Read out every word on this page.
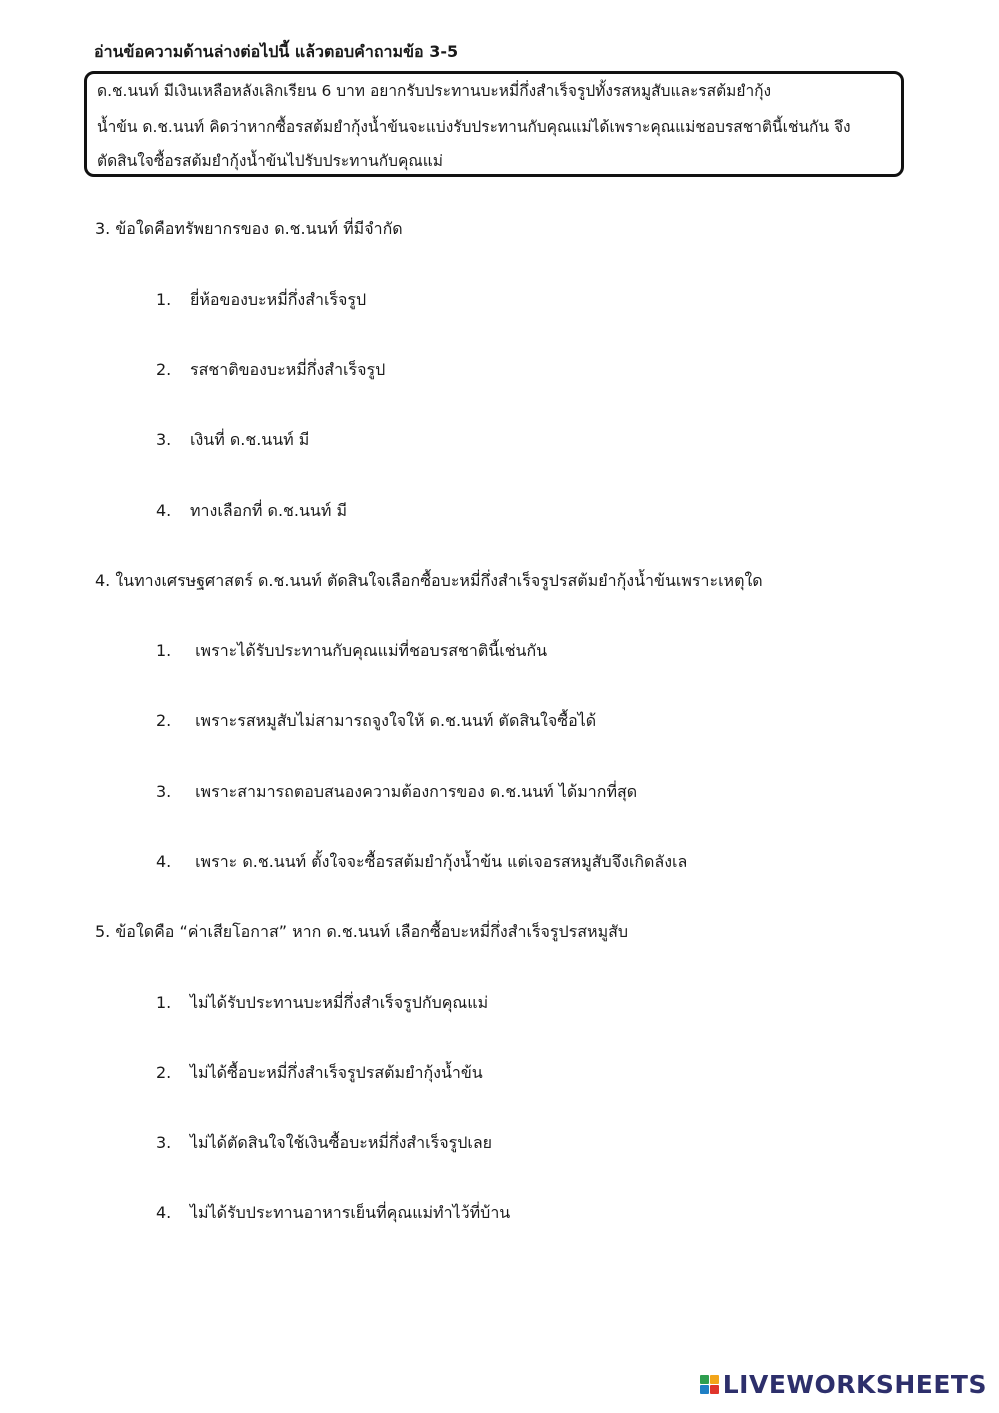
อ่านข้อความด้านล่างต่อไปนี้ แล้วตอบคำถามข้อ 3-5
ด.ช.นนท์ มีเงินเหลือหลังเลิกเรียน 6 บาท อยากรับประทานบะหมี่กึ่งสำเร็จรูปทั้งรสหมูสับและรสต้มยำกุ้ง
น้ำข้น ด.ช.นนท์ คิดว่าหากซื้อรสต้มยำกุ้งน้ำข้นจะแบ่งรับประทานกับคุณแม่ได้เพราะคุณแม่ชอบรสชาตินี้เช่นกัน จึง
ตัดสินใจซื้อรสต้มยำกุ้งน้ำข้นไปรับประทานกับคุณแม่
3. ข้อใดคือทรัพยากรของ ด.ช.นนท์ ที่มีจำกัด
1. ยี่ห้อของบะหมี่กึ่งสำเร็จรูป
2. รสชาติของบะหมี่กึ่งสำเร็จรูป
3. เงินที่ ด.ช.นนท์ มี
4. ทางเลือกที่ ด.ช.นนท์ มี
4. ในทางเศรษฐศาสตร์ ด.ช.นนท์ ตัดสินใจเลือกซื้อบะหมี่กึ่งสำเร็จรูปรสต้มยำกุ้งน้ำข้นเพราะเหตุใด
1. เพราะได้รับประทานกับคุณแม่ที่ชอบรสชาตินี้เช่นกัน
2. เพราะรสหมูสับไม่สามารถจูงใจให้ ด.ช.นนท์ ตัดสินใจซื้อได้
3. เพราะสามารถตอบสนองความต้องการของ ด.ช.นนท์ ได้มากที่สุด
4. เพราะ ด.ช.นนท์ ตั้งใจจะซื้อรสต้มยำกุ้งน้ำข้น แต่เจอรสหมูสับจึงเกิดลังเล
5. ข้อใดคือ “ค่าเสียโอกาส” หาก ด.ช.นนท์ เลือกซื้อบะหมี่กึ่งสำเร็จรูปรสหมูสับ
1. ไม่ได้รับประทานบะหมี่กึ่งสำเร็จรูปกับคุณแม่
2. ไม่ได้ซื้อบะหมี่กึ่งสำเร็จรูปรสต้มยำกุ้งน้ำข้น
3. ไม่ได้ตัดสินใจใช้เงินซื้อบะหมี่กึ่งสำเร็จรูปเลย
4. ไม่ได้รับประทานอาหารเย็นที่คุณแม่ทำไว้ที่บ้าน
LIVEWORKSHEETS
